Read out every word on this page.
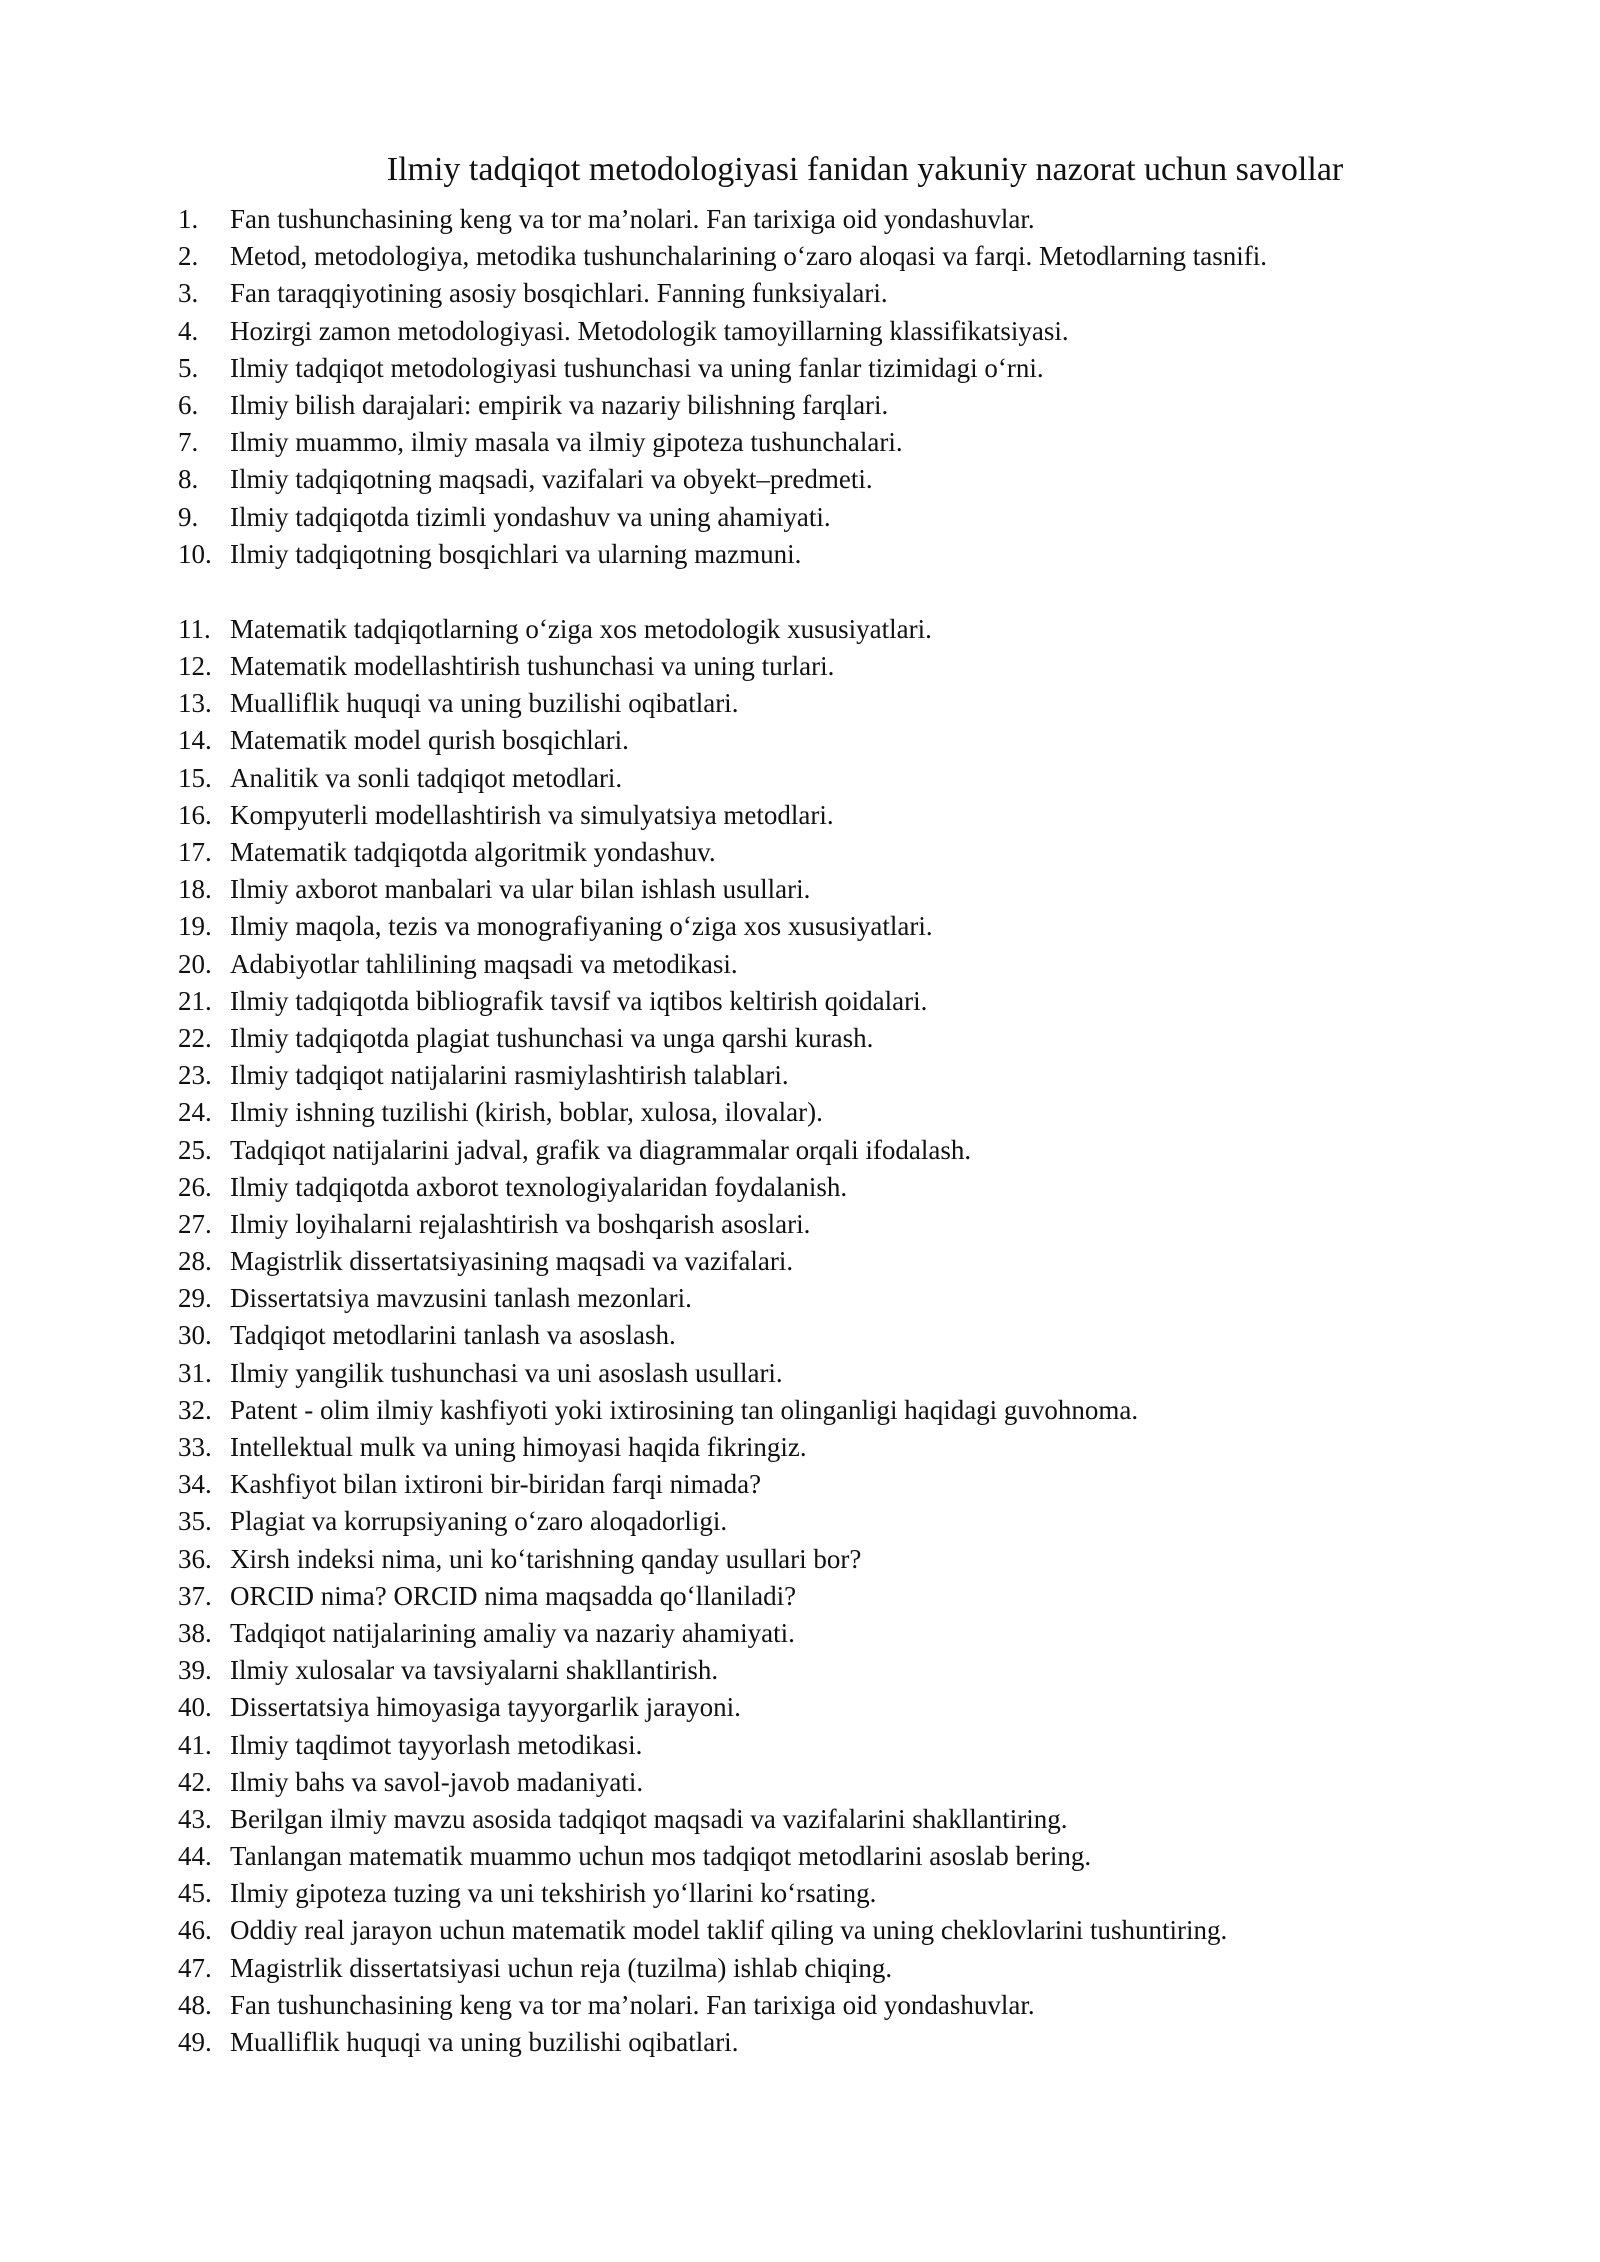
Ilmiy tadqiqot metodologiyasi fanidan yakuniy nazorat uchun savollar
1.	Fan tushunchasining keng va tor ma’nolari. Fan tarixiga oid yondashuvlar.
2.	Metod, metodologiya, metodika tushunchalarining o‘zaro aloqasi va farqi. Metodlarning tasnifi.
3.	Fan taraqqiyotining asosiy bosqichlari. Fanning funksiyalari.
4.	Hozirgi zamon metodologiyasi. Metodologik tamoyillarning klassifikatsiyasi.
5.	Ilmiy tadqiqot metodologiyasi tushunchasi va uning fanlar tizimidagi o‘rni.
6.	Ilmiy bilish darajalari: empirik va nazariy bilishning farqlari.
7.	Ilmiy muammo, ilmiy masala va ilmiy gipoteza tushunchalari.
8.	Ilmiy tadqiqotning maqsadi, vazifalari va obyekt–predmeti.
9.	Ilmiy tadqiqotda tizimli yondashuv va uning ahamiyati.
10. Ilmiy tadqiqotning bosqichlari va ularning mazmuni.
11. Matematik tadqiqotlarning o‘ziga xos metodologik xususiyatlari.
12. Matematik modellashtirish tushunchasi va uning turlari.
13. Mualliflik huquqi va uning buzilishi oqibatlari.
14. Matematik model qurish bosqichlari.
15. Analitik va sonli tadqiqot metodlari.
16. Kompyuterli modellashtirish va simulyatsiya metodlari.
17. Matematik tadqiqotda algoritmik yondashuv.
18. Ilmiy axborot manbalari va ular bilan ishlash usullari.
19. Ilmiy maqola, tezis va monografiyaning o‘ziga xos xususiyatlari.
20. Adabiyotlar tahlilining maqsadi va metodikasi.
21. Ilmiy tadqiqotda bibliografik tavsif va iqtibos keltirish qoidalari.
22. Ilmiy tadqiqotda plagiat tushunchasi va unga qarshi kurash.
23. Ilmiy tadqiqot natijalarini rasmiylashtirish talablari.
24. Ilmiy ishning tuzilishi (kirish, boblar, xulosa, ilovalar).
25. Tadqiqot natijalarini jadval, grafik va diagrammalar orqali ifodalash.
26. Ilmiy tadqiqotda axborot texnologiyalaridan foydalanish.
27. Ilmiy loyihalarni rejalashtirish va boshqarish asoslari.
28. Magistrlik dissertatsiyasining maqsadi va vazifalari.
29. Dissertatsiya mavzusini tanlash mezonlari.
30. Tadqiqot metodlarini tanlash va asoslash.
31. Ilmiy yangilik tushunchasi va uni asoslash usullari.
32. Patent - olim ilmiy kashfiyoti yoki ixtirosining tan olinganligi haqidagi guvohnoma.
33. Intellektual mulk va uning himoyasi haqida fikringiz.
34. Kashfiyot bilan ixtironi bir-biridan farqi nimada?
35. Plagiat va korrupsiyaning o‘zaro aloqadorligi.
36. Xirsh indeksi nima, uni ko‘tarishning qanday usullari bor?
37. ORCID nima? ORCID nima maqsadda qo‘llaniladi?
38. Tadqiqot natijalarining amaliy va nazariy ahamiyati.
39. Ilmiy xulosalar va tavsiyalarni shakllantirish.
40. Dissertatsiya himoyasiga tayyorgarlik jarayoni.
41. Ilmiy taqdimot tayyorlash metodikasi.
42. Ilmiy bahs va savol-javob madaniyati.
43. Berilgan ilmiy mavzu asosida tadqiqot maqsadi va vazifalarini shakllantiring.
44. Tanlangan matematik muammo uchun mos tadqiqot metodlarini asoslab bering.
45. Ilmiy gipoteza tuzing va uni tekshirish yo‘llarini ko‘rsating.
46. Oddiy real jarayon uchun matematik model taklif qiling va uning cheklovlarini tushuntiring.
47. Magistrlik dissertatsiyasi uchun reja (tuzilma) ishlab chiqing.
48. Fan tushunchasining keng va tor ma’nolari. Fan tarixiga oid yondashuvlar.
49. Mualliflik huquqi va uning buzilishi oqibatlari.
